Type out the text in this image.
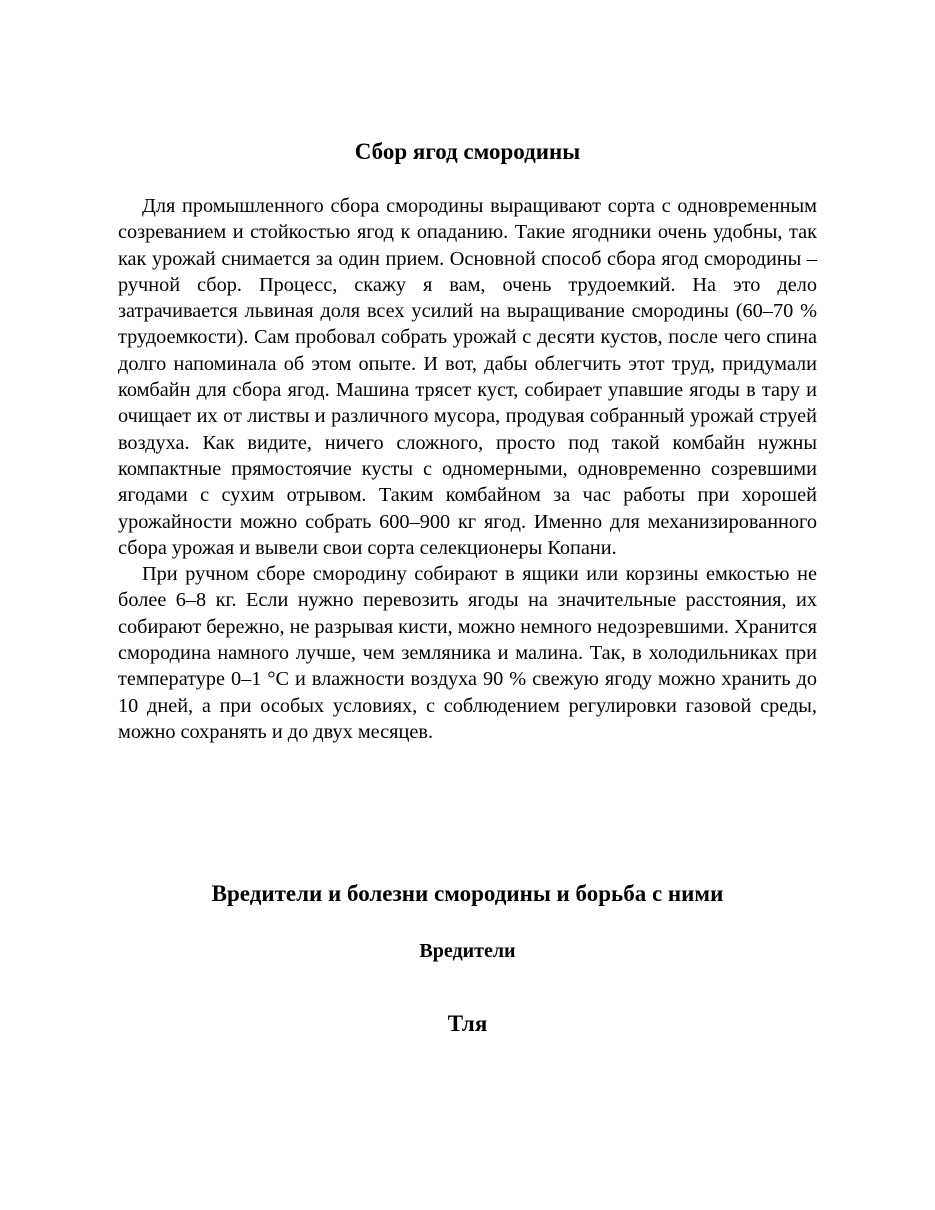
Сбор ягод смородины

Для промышленного сбора смородины выращивают сорта с одновременным созреванием и стойкостью ягод к опаданию. Такие ягодники очень удобны, так как урожай снимается за один прием. Основной способ сбора ягод смородины – ручной сбор. Процесс, скажу я вам, очень трудоемкий. На это дело затрачивается львиная доля всех усилий на выращивание смородины (60–70 % трудоемкости). Сам пробовал собрать урожай с десяти кустов, после чего спина долго напоминала об этом опыте. И вот, дабы облегчить этот труд, придумали комбайн для сбора ягод. Машина трясет куст, собирает упавшие ягоды в тару и очищает их от листвы и различного мусора, продувая собранный урожай струей воздуха. Как видите, ничего сложного, просто под такой комбайн нужны компактные прямостоячие кусты с одномерными, одновременно созревшими ягодами с сухим отрывом. Таким комбайном за час работы при хорошей урожайности можно собрать 600–900 кг ягод. Именно для механизированного сбора урожая и вывели свои сорта селекционеры Копани.

При ручном сборе смородину собирают в ящики или корзины емкостью не более 6–8 кг. Если нужно перевозить ягоды на значительные расстояния, их собирают бережно, не разрывая кисти, можно немного недозревшими. Хранится смородина намного лучше, чем земляника и малина. Так, в холодильниках при температуре 0–1 °С и влажности воздуха 90 % свежую ягоду можно хранить до 10 дней, а при особых условиях, с соблюдением регулировки газовой среды, можно сохранять и до двух месяцев.

Вредители и болезни смородины и борьба с ними
Вредители
Тля
